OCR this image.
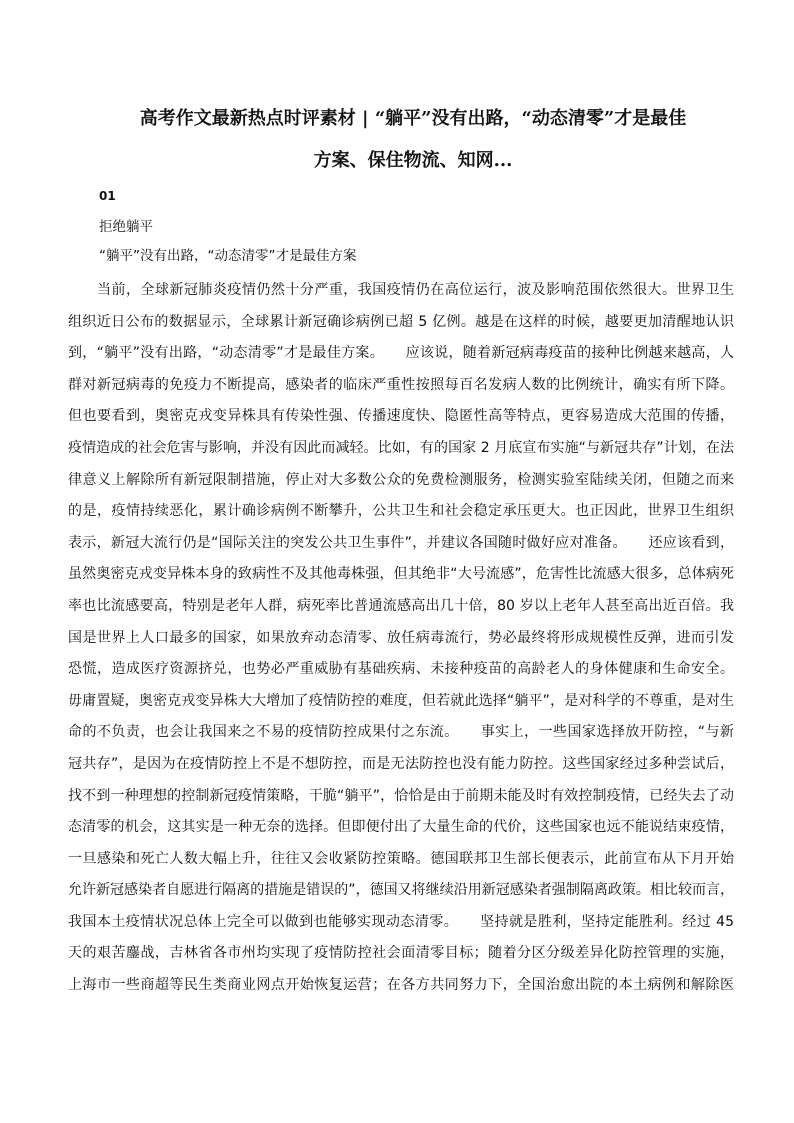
高考作文最新热点时评素材 | “躺平”没有出路，“动态清零”才是最佳
方案、保住物流、知网...
01
拒绝躺平
“躺平”没有出路，“动态清零”才是最佳方案
当前，全球新冠肺炎疫情仍然十分严重，我国疫情仍在高位运行，波及影响范围依然很大。世界卫生
组织近日公布的数据显示，全球累计新冠确诊病例已超 5 亿例。越是在这样的时候，越要更加清醒地认识
到，“躺平”没有出路，“动态清零”才是最佳方案。　　应该说，随着新冠病毒疫苗的接种比例越来越高，人
群对新冠病毒的免疫力不断提高，感染者的临床严重性按照每百名发病人数的比例统计，确实有所下降。
但也要看到，奥密克戎变异株具有传染性强、传播速度快、隐匿性高等特点，更容易造成大范围的传播，
疫情造成的社会危害与影响，并没有因此而减轻。比如，有的国家 2 月底宣布实施“与新冠共存”计划，在法
律意义上解除所有新冠限制措施，停止对大多数公众的免费检测服务，检测实验室陆续关闭，但随之而来
的是，疫情持续恶化，累计确诊病例不断攀升，公共卫生和社会稳定承压更大。也正因此，世界卫生组织
表示，新冠大流行仍是“国际关注的突发公共卫生事件”，并建议各国随时做好应对准备。　　还应该看到，
虽然奥密克戎变异株本身的致病性不及其他毒株强，但其绝非“大号流感”，危害性比流感大很多，总体病死
率也比流感要高，特别是老年人群，病死率比普通流感高出几十倍，80 岁以上老年人甚至高出近百倍。我
国是世界上人口最多的国家，如果放弃动态清零、放任病毒流行，势必最终将形成规模性反弹，进而引发
恐慌，造成医疗资源挤兑，也势必严重威胁有基础疾病、未接种疫苗的高龄老人的身体健康和生命安全。
毋庸置疑，奥密克戎变异株大大增加了疫情防控的难度，但若就此选择“躺平”，是对科学的不尊重，是对生
命的不负责，也会让我国来之不易的疫情防控成果付之东流。　　事实上，一些国家选择放开防控，“与新
冠共存”，是因为在疫情防控上不是不想防控，而是无法防控也没有能力防控。这些国家经过多种尝试后，
找不到一种理想的控制新冠疫情策略，干脆“躺平”，恰恰是由于前期未能及时有效控制疫情，已经失去了动
态清零的机会，这其实是一种无奈的选择。但即便付出了大量生命的代价，这些国家也远不能说结束疫情，
一旦感染和死亡人数大幅上升，往往又会收紧防控策略。德国联邦卫生部长便表示，此前宣布从下月开始
允许新冠感染者自愿进行隔离的措施是错误的”，德国又将继续沿用新冠感染者强制隔离政策。相比较而言，
我国本土疫情状况总体上完全可以做到也能够实现动态清零。　　坚持就是胜利，坚持定能胜利。经过 45
天的艰苦鏖战，吉林省各市州均实现了疫情防控社会面清零目标；随着分区分级差异化防控管理的实施，
上海市一些商超等民生类商业网点开始恢复运营；在各方共同努力下，全国治愈出院的本土病例和解除医
